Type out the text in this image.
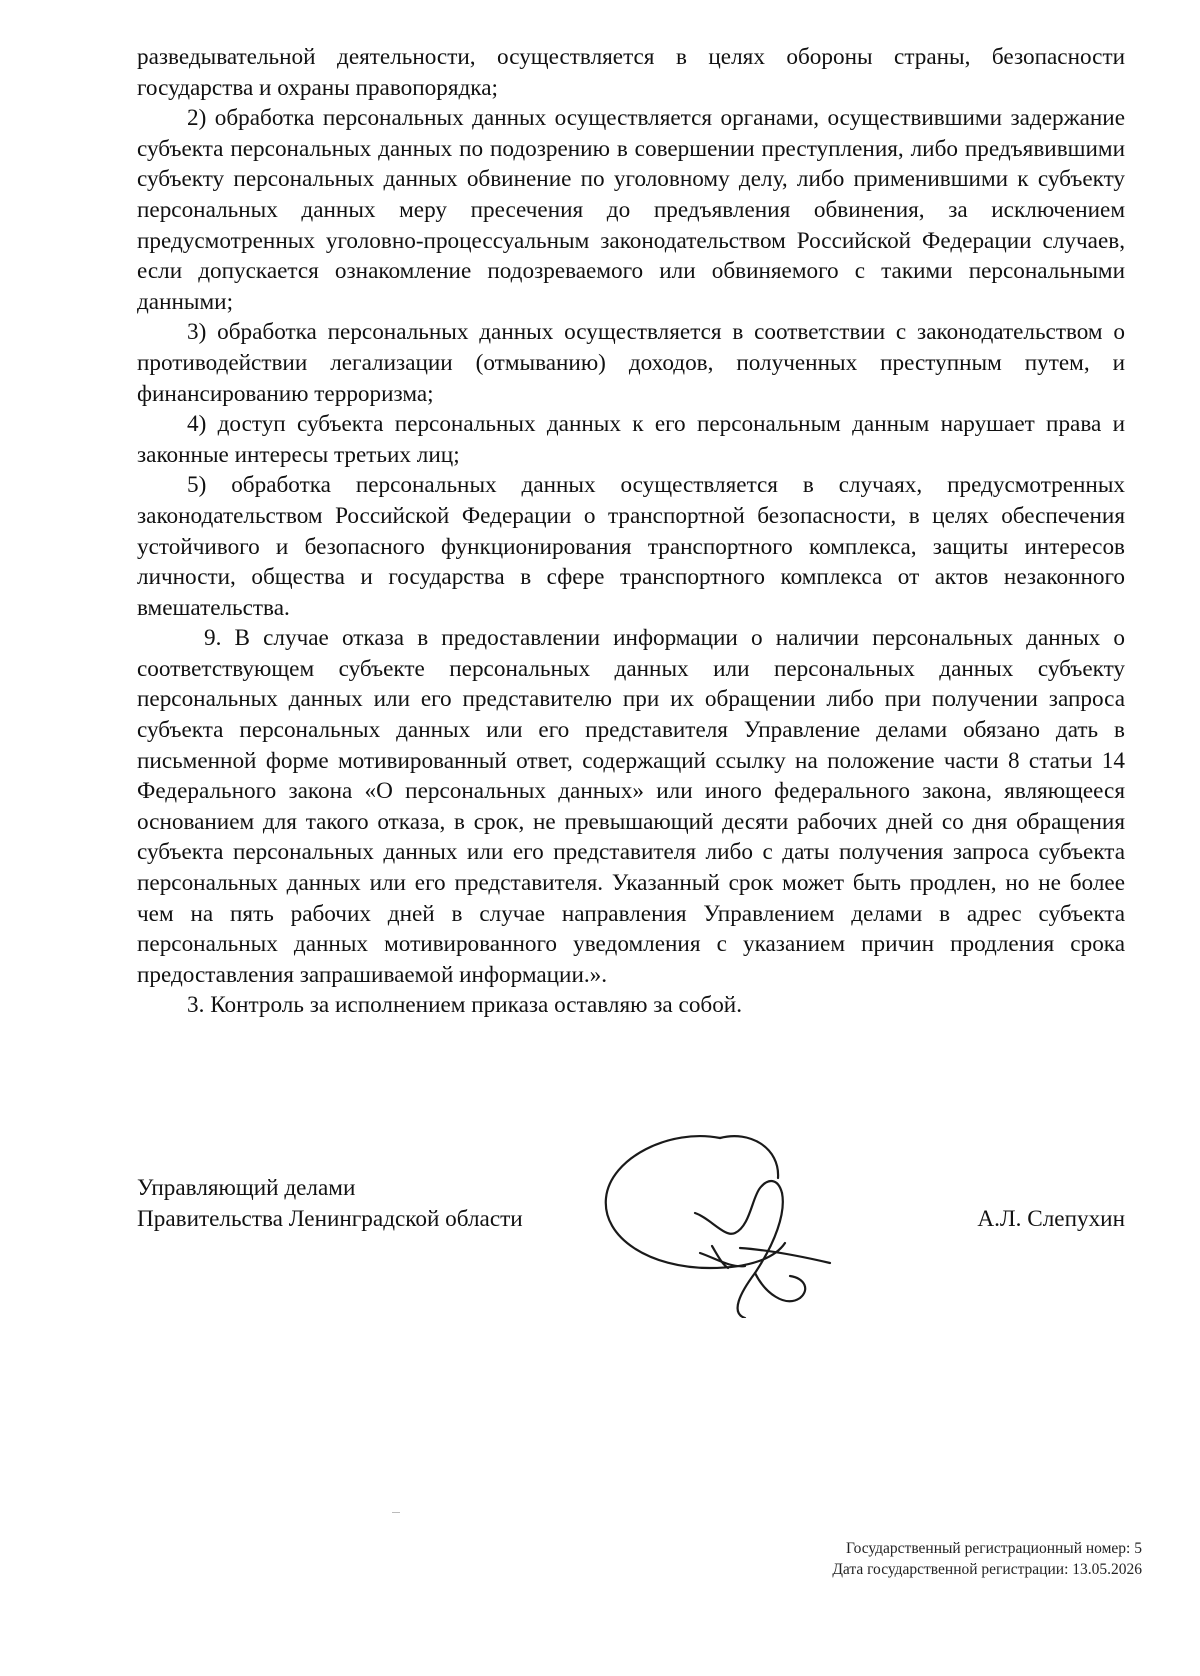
разведывательной деятельности, осуществляется в целях обороны страны, безопасности государства и охраны правопорядка;

2) обработка персональных данных осуществляется органами, осуществившими задержание субъекта персональных данных по подозрению в совершении преступления, либо предъявившими субъекту персональных данных обвинение по уголовному делу, либо применившими к субъекту персональных данных меру пресечения до предъявления обвинения, за исключением предусмотренных уголовно-процессуальным законодательством Российской Федерации случаев, если допускается ознакомление подозреваемого или обвиняемого с такими персональными данными;

3) обработка персональных данных осуществляется в соответствии с законодательством о противодействии легализации (отмыванию) доходов, полученных преступным путем, и финансированию терроризма;

4) доступ субъекта персональных данных к его персональным данным нарушает права и законные интересы третьих лиц;

5) обработка персональных данных осуществляется в случаях, предусмотренных законодательством Российской Федерации о транспортной безопасности, в целях обеспечения устойчивого и безопасного функционирования транспортного комплекса, защиты интересов личности, общества и государства в сфере транспортного комплекса от актов незаконного вмешательства.

9. В случае отказа в предоставлении информации о наличии персональных данных о соответствующем субъекте персональных данных или персональных данных субъекту персональных данных или его представителю при их обращении либо при получении запроса субъекта персональных данных или его представителя Управление делами обязано дать в письменной форме мотивированный ответ, содержащий ссылку на положение части 8 статьи 14 Федерального закона «О персональных данных» или иного федерального закона, являющееся основанием для такого отказа, в срок, не превышающий десяти рабочих дней со дня обращения субъекта персональных данных или его представителя либо с даты получения запроса субъекта персональных данных или его представителя. Указанный срок может быть продлен, но не более чем на пять рабочих дней в случае направления Управлением делами в адрес субъекта персональных данных мотивированного уведомления с указанием причин продления срока предоставления запрашиваемой информации.».

3. Контроль за исполнением приказа оставляю за собой.

Управляющий делами
Правительства Ленинградской области	А.Л. Слепухин
Государственный регистрационный номер: 5
Дата государственной регистрации: 13.05.2026
